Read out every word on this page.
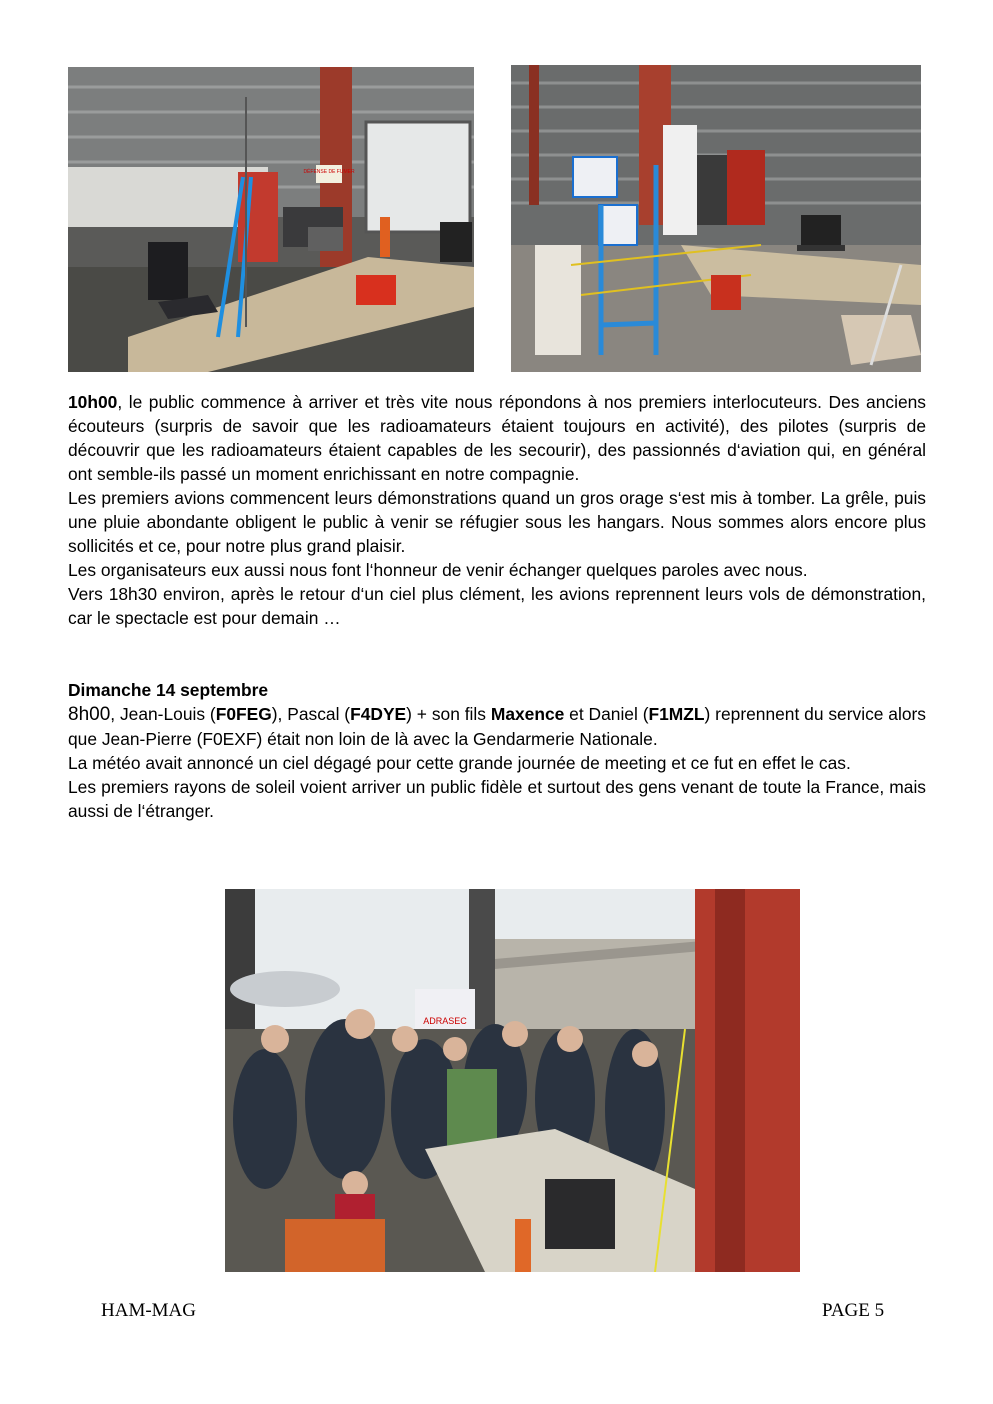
DÉFENSE DE FUMER

10h00, le public commence à arriver et très vite nous répondons à nos premiers interlocuteurs. Des anciens écouteurs (surpris de savoir que les radioamateurs étaient toujours en activité), des pilotes (surpris de découvrir que les radioamateurs étaient capables de les secourir), des passionnés d‘aviation qui, en général ont semble-ils passé un moment enrichissant en notre compagnie.

Les premiers avions commencent leurs démonstrations quand un gros orage s‘est mis à tomber. La grêle, puis une pluie abondante obligent le public à venir se réfugier sous les hangars. Nous sommes alors encore plus sollicités et ce, pour notre plus grand plaisir.

Les organisateurs eux aussi nous font l‘honneur de venir échanger quelques paroles avec nous.

Vers 18h30 environ, après le retour d‘un ciel plus clément, les avions reprennent leurs vols de démonstration, car le spectacle est pour demain …

Dimanche 14 septembre

8h00, Jean-Louis (F0FEG), Pascal (F4DYE) + son fils Maxence et Daniel (F1MZL) reprennent du service alors que Jean-Pierre (F0EXF) était non loin de là avec la Gendarmerie Nationale.

La météo avait annoncé un ciel dégagé pour cette grande journée de meeting et ce fut en effet le cas.

Les premiers rayons de soleil voient arriver un public fidèle et surtout des gens venant de toute la France, mais aussi de l‘étranger.

ADRASEC
HAM-MAG	PAGE 5
